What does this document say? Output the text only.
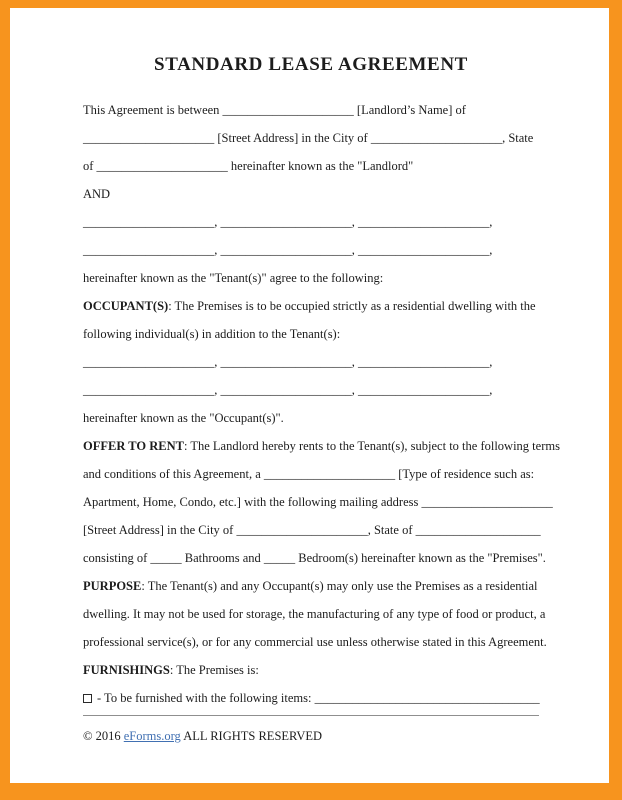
STANDARD LEASE AGREEMENT

This Agreement is between _____________________ [Landlord’s Name] of

_____________________ [Street Address] in the City of _____________________, State

of _____________________ hereinafter known as the "Landlord"

AND

_____________________, _____________________, _____________________,

_____________________, _____________________, _____________________,

hereinafter known as the "Tenant(s)" agree to the following:

OCCUPANT(S): The Premises is to be occupied strictly as a residential dwelling with the

following individual(s) in addition to the Tenant(s):

_____________________, _____________________, _____________________,

_____________________, _____________________, _____________________,

hereinafter known as the "Occupant(s)".

OFFER TO RENT: The Landlord hereby rents to the Tenant(s), subject to the following terms

and conditions of this Agreement, a _____________________ [Type of residence such as:

Apartment, Home, Condo, etc.] with the following mailing address _____________________

[Street Address] in the City of _____________________, State of ____________________

consisting of _____ Bathrooms and _____ Bedroom(s) hereinafter known as the "Premises".

PURPOSE: The Tenant(s) and any Occupant(s) may only use the Premises as a residential

dwelling. It may not be used for storage, the manufacturing of any type of food or product, a

professional service(s), or for any commercial use unless otherwise stated in this Agreement.

FURNISHINGS: The Premises is:

- To be furnished with the following items: ____________________________________

© 2016 eForms.org ALL RIGHTS RESERVED
